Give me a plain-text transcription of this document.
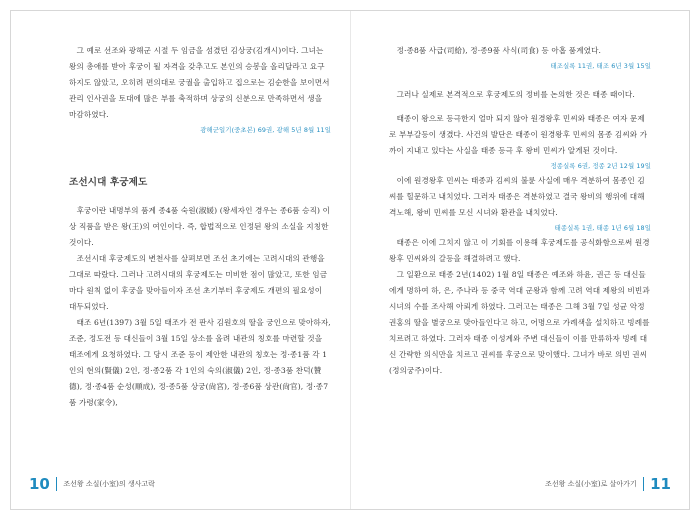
그 예로 선조와 광해군 시절 두 임금을 섬겼던 김상궁(김개시)이다. 그녀는 왕의 총애를 받아 후궁이 될 자격을 갖추고도 본인의 승봉을 올리달라고 요구하지도 않았고, 오히려 편의대로 궁궐을 출입하고 집으로는 김순한을 보이면서 관리 인사권을 토대에 많은 부를 축적하며 상궁의 신분으로 만족하면서 생을 마감하였다.

광해군일기(중초본) 69권, 광해 5년 8월 11일
조선시대 후궁제도

후궁이란 내명부의 품계 종4품 숙원(淑媛) (왕세자인 경우는 종6품 승직) 이상 직품을 받은 왕(王)의 여인이다. 즉, 합법적으로 인정된 왕의 소실을 지칭한 것이다.

조선시대 후궁제도의 변천사를 살펴보면 조선 초기에는 고려시대의 관행을 그대로 따랐다. 그러나 고려시대의 후궁제도는 미비한 점이 많았고, 또한 임금마다 원칙 없이 후궁을 맞아들이자 조선 초기부터 후궁제도 개편의 필요성이 대두되었다.

태조 6년(1397) 3월 5일 태조가 전 판사 김원호의 딸을 궁인으로 맞아하자, 조준, 정도전 등 대신들이 3월 15일 상소를 올려 내관의 칭호를 마련할 것을 태조에게 요청하였다. 그 당시 조준 등이 제안한 내관의 칭호는 정·종1품 각 1인의 현의(賢儀) 2인, 정·종2품 각 1인의 숙의(淑儀) 2인, 정·종3품 찬덕(贊德), 정·종4품 순성(順成), 정·종5품 상궁(尙宮), 정·종6품 상관(尙官), 정·종7품 가령(家令),

10 조선왕 소실(小室)의 생사고락

정·종8품 사급(司給), 정·종9품 사식(司食) 등 아홉 품계였다.

태조실록 11권, 태조 6년 3월 15일

그러나 실제로 본격적으로 후궁제도의 정비를 논의한 것은 태종 때이다.

태종이 왕으로 등극한지 얼마 되지 않아 원경왕후 민씨와 태종은 여자 문제로 부부갈등이 생겼다. 사건의 발단은 태종이 원경왕후 민씨의 몸종 김씨와 가까이 지내고 있다는 사실을 태종 등극 후 왕비 민씨가 알게된 것이다.

정종실록 6권, 정종 2년 12월 19일

이에 원경왕후 민씨는 태종과 김씨의 불륜 사실에 매우 격분하여 몸종인 김씨를 힐문하고 내치었다. 그러자 태종은 격분하였고 결국 왕비의 행위에 대해 격노해, 왕비 민씨를 모신 시녀와 환관을 내치었다.

태종실록 1권, 태종 1년 6월 18일

태종은 이에 그치지 않고 이 기회를 이용해 후궁제도를 공식화함으로써 원경왕후 민씨와의 갈등을 해결하려고 했다.

그 일환으로 태종 2년(1402) 1월 8일 태종은 예조와 하윤, 권근 등 대신들에게 명하여 하, 은, 주나라 등 중국 역대 군왕과 함께 고려 역대 제왕의 비빈과 시녀의 수를 조사해 아뢰게 하였다. 그러고는 태종은 그해 3월 7일 성균 악정 권홍의 딸을 별궁으로 맞아들인다고 하고, 어명으로 가례색을 설치하고 빙례를 치르려고 하였다. 그러자 태종 이성계와 주변 대신들이 이를 만류하자 빙례 대신 간략한 의식만을 치르고 권씨를 후궁으로 맞이했다. 그녀가 바로 의빈 권씨(정의궁주)이다.

조선왕 소실(小室)로 살아가기 11
